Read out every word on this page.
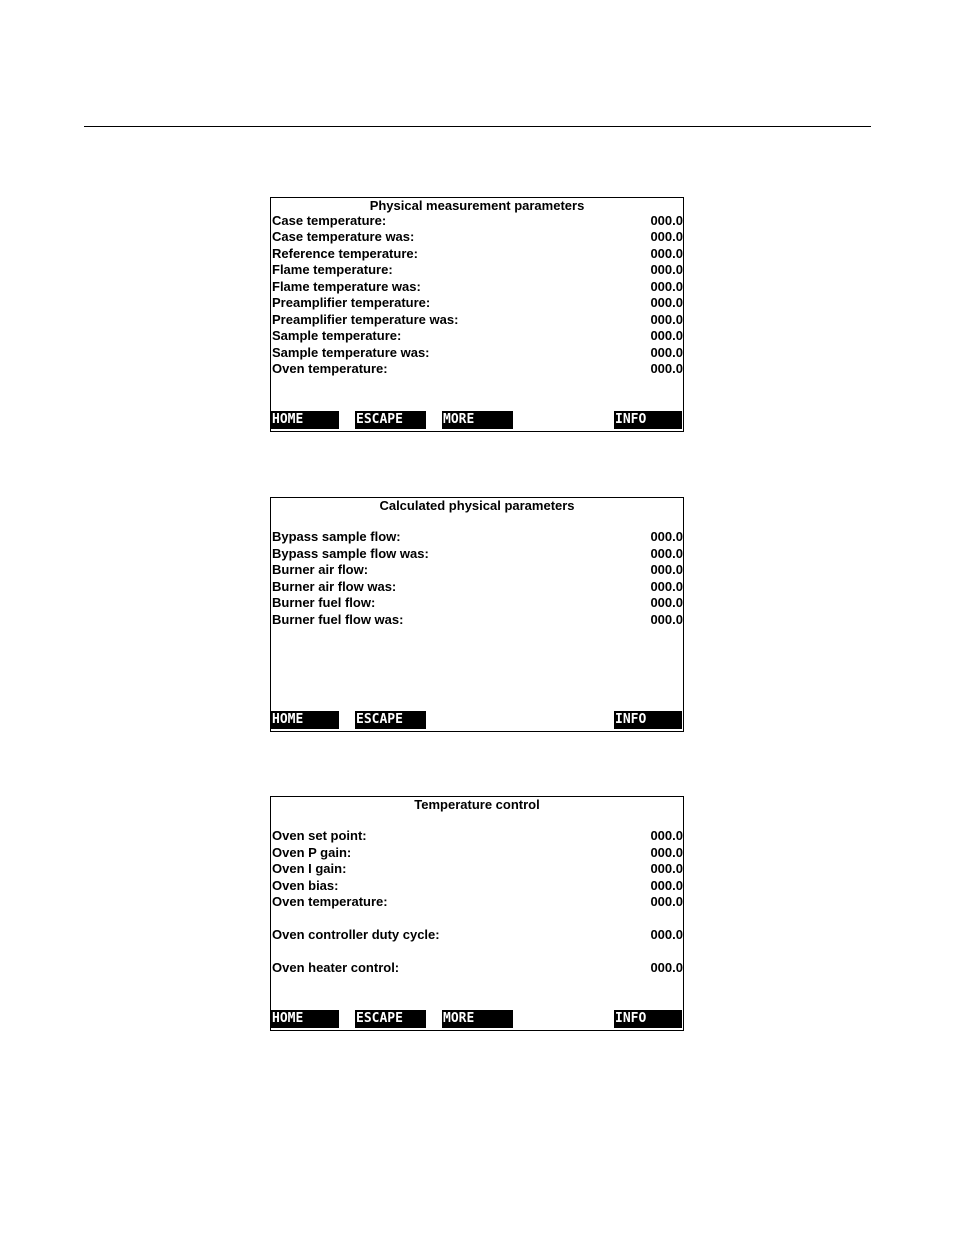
Physical measurement parameters
Case temperature:	000.0
Case temperature was:	000.0
Reference temperature:	000.0
Flame temperature:	000.0
Flame temperature was:	000.0
Preamplifier temperature:	000.0
Preamplifier temperature was:	000.0
Sample temperature:	000.0
Sample temperature was:	000.0
Oven temperature:	000.0
HOME	ESCAPE	MORE	INFO
Calculated physical parameters
Bypass sample flow:	000.0
Bypass sample flow was:	000.0
Burner air flow:	000.0
Burner air flow was:	000.0
Burner fuel flow:	000.0
Burner fuel flow was:	000.0
HOME	ESCAPE	INFO
Temperature control
Oven set point:	000.0
Oven P gain:	000.0
Oven I gain:	000.0
Oven bias:	000.0
Oven temperature:	000.0
Oven controller duty cycle:	000.0
Oven heater control:	000.0
HOME	ESCAPE	MORE	INFO
